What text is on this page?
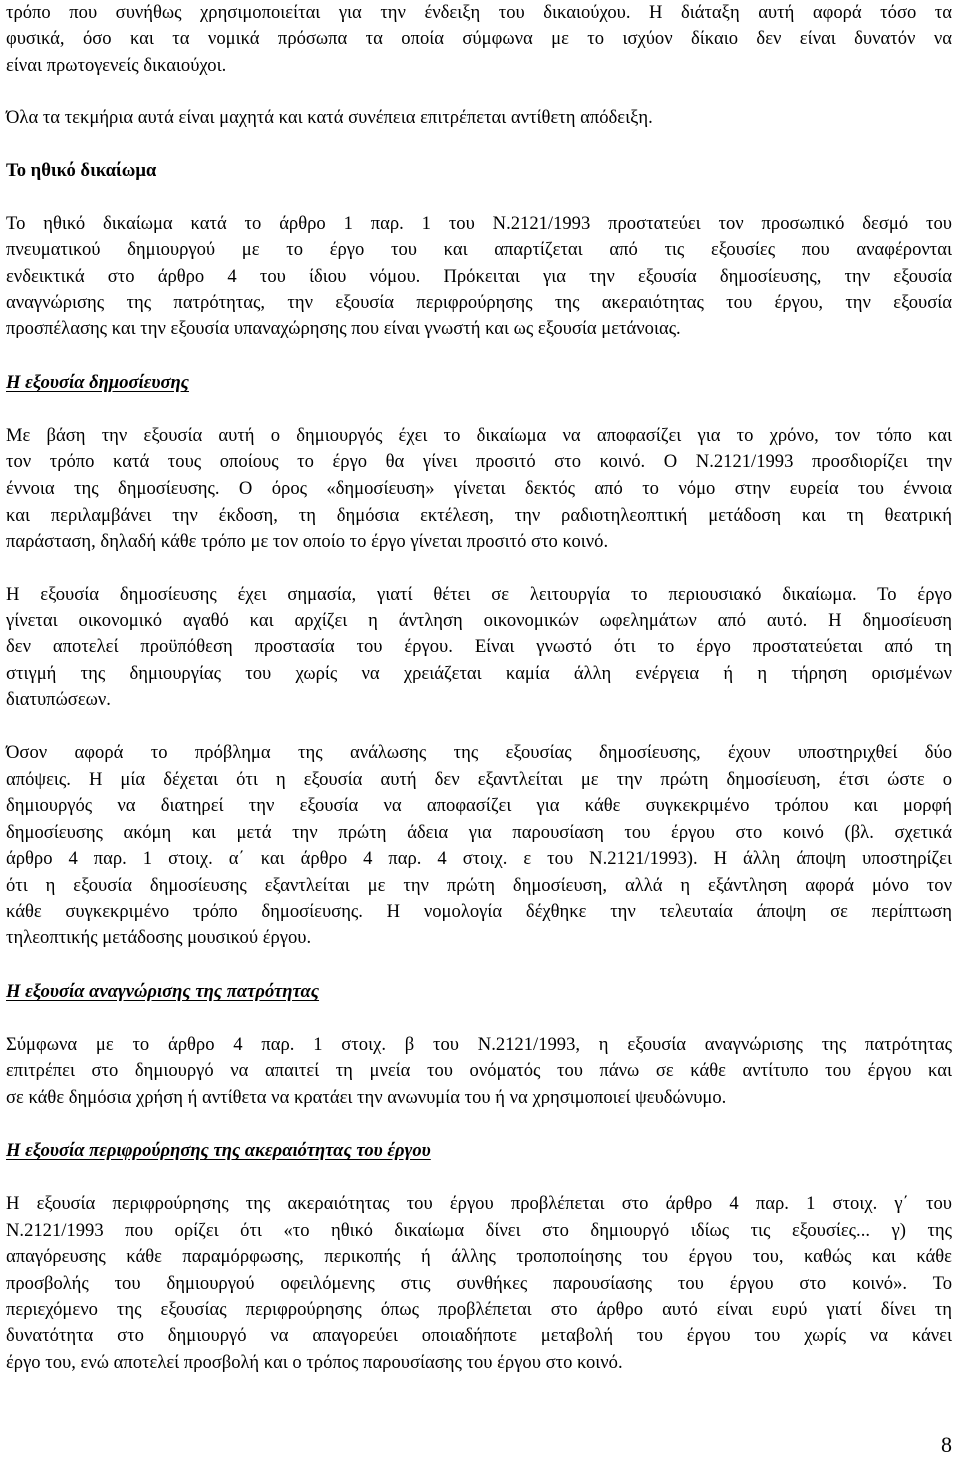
τρόπο που συνήθως χρησιμοποιείται για την ένδειξη του δικαιούχου. Η διάταξη αυτή αφορά τόσο τα
φυσικά, όσο και τα νομικά πρόσωπα τα οποία σύμφωνα με το ισχύον δίκαιο δεν είναι δυνατόν να
είναι πρωτογενείς δικαιούχοι.
Όλα τα τεκμήρια αυτά είναι μαχητά και κατά συνέπεια επιτρέπεται αντίθετη απόδειξη.
Το ηθικό δικαίωμα
Το ηθικό δικαίωμα κατά το άρθρο 1 παρ. 1 του Ν.2121/1993 προστατεύει τον προσωπικό δεσμό του
πνευματικού δημιουργού με το έργο του και απαρτίζεται από τις εξουσίες που αναφέρονται
ενδεικτικά στο άρθρο 4 του ίδιου νόμου. Πρόκειται για την εξουσία δημοσίευσης, την εξουσία
αναγνώρισης της πατρότητας, την εξουσία περιφρούρησης της ακεραιότητας του έργου, την εξουσία
προσπέλασης και την εξουσία υπαναχώρησης που είναι γνωστή και ως εξουσία μετάνοιας.
Η εξουσία δημοσίευσης
Με βάση την εξουσία αυτή ο δημιουργός έχει το δικαίωμα να αποφασίζει για το χρόνο, τον τόπο και
τον τρόπο κατά τους οποίους το έργο θα γίνει προσιτό στο κοινό. Ο Ν.2121/1993 προσδιορίζει την
έννοια της δημοσίευσης. Ο όρος «δημοσίευση» γίνεται δεκτός από το νόμο στην ευρεία του έννοια
και περιλαμβάνει την έκδοση, τη δημόσια εκτέλεση, την ραδιοτηλεοπτική μετάδοση και τη θεατρική
παράσταση, δηλαδή κάθε τρόπο με τον οποίο το έργο γίνεται προσιτό στο κοινό.
Η εξουσία δημοσίευσης έχει σημασία, γιατί θέτει σε λειτουργία το περιουσιακό δικαίωμα. Το έργο
γίνεται οικονομικό αγαθό και αρχίζει η άντληση οικονομικών ωφελημάτων από αυτό. Η δημοσίευση
δεν αποτελεί προϋπόθεση προστασία του έργου. Είναι γνωστό ότι το έργο προστατεύεται από τη
στιγμή της δημιουργίας του χωρίς να χρειάζεται καμία άλλη ενέργεια ή η τήρηση ορισμένων
διατυπώσεων.
Όσον αφορά το πρόβλημα της ανάλωσης της εξουσίας δημοσίευσης, έχουν υποστηριχθεί δύο
απόψεις. Η μία δέχεται ότι η εξουσία αυτή δεν εξαντλείται με την πρώτη δημοσίευση, έτσι ώστε ο
δημιουργός να διατηρεί την εξουσία να αποφασίζει για κάθε συγκεκριμένο τρόπου και μορφή
δημοσίευσης ακόμη και μετά την πρώτη άδεια για παρουσίαση του έργου στο κοινό (βλ. σχετικά
άρθρο 4 παρ. 1 στοιχ. α΄ και άρθρο 4 παρ. 4 στοιχ. ε του Ν.2121/1993). Η άλλη άποψη υποστηρίζει
ότι η εξουσία δημοσίευσης εξαντλείται με την πρώτη δημοσίευση, αλλά η εξάντληση αφορά μόνο τον
κάθε συγκεκριμένο τρόπο δημοσίευσης. Η νομολογία δέχθηκε την τελευταία άποψη σε περίπτωση
τηλεοπτικής μετάδοσης μουσικού έργου.
Η εξουσία αναγνώρισης της πατρότητας
Σύμφωνα με το άρθρο 4 παρ. 1 στοιχ. β του Ν.2121/1993, η εξουσία αναγνώρισης της πατρότητας
επιτρέπει στο δημιουργό να απαιτεί τη μνεία του ονόματός του πάνω σε κάθε αντίτυπο του έργου και
σε κάθε δημόσια χρήση ή αντίθετα να κρατάει την ανωνυμία του ή να χρησιμοποιεί ψευδώνυμο.
Η εξουσία περιφρούρησης της ακεραιότητας του έργου
Η εξουσία περιφρούρησης της ακεραιότητας του έργου προβλέπεται στο άρθρο 4 παρ. 1 στοιχ. γ΄ του
Ν.2121/1993 που ορίζει ότι «το ηθικό δικαίωμα δίνει στο δημιουργό ιδίως τις εξουσίες... γ) της
απαγόρευσης κάθε παραμόρφωσης, περικοπής ή άλλης τροποποίησης του έργου του, καθώς και κάθε
προσβολής του δημιουργού οφειλόμενης στις συνθήκες παρουσίασης του έργου στο κοινό». Το
περιεχόμενο της εξουσίας περιφρούρησης όπως προβλέπεται στο άρθρο αυτό είναι ευρύ γιατί δίνει τη
δυνατότητα στο δημιουργό να απαγορεύει οποιαδήποτε μεταβολή του έργου του χωρίς να κάνει
έργο του, ενώ αποτελεί προσβολή και ο τρόπος παρουσίασης του έργου στο κοινό.
8
